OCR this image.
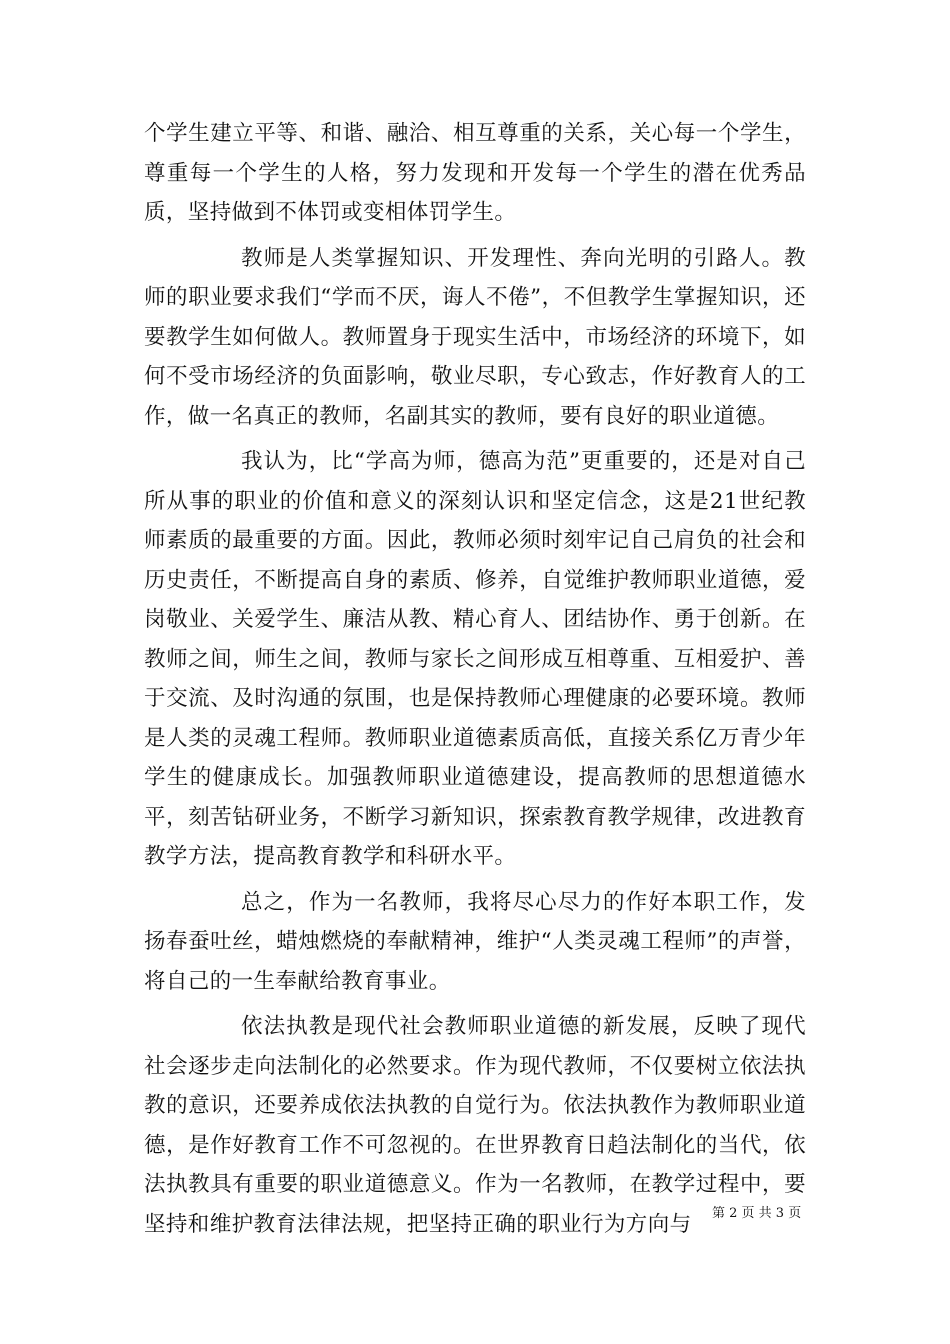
个学生建立平等、和谐、融洽、相互尊重的关系，关心每一个学生，尊重每一个学生的人格，努力发现和开发每一个学生的潜在优秀品质，坚持做到不体罚或变相体罚学生。

教师是人类掌握知识、开发理性、奔向光明的引路人。教师的职业要求我们“学而不厌，诲人不倦”，不但教学生掌握知识，还要教学生如何做人。教师置身于现实生活中，市场经济的环境下，如何不受市场经济的负面影响，敬业尽职，专心致志，作好教育人的工作，做一名真正的教师，名副其实的教师，要有良好的职业道德。

我认为，比“学高为师，德高为范”更重要的，还是对自己所从事的职业的价值和意义的深刻认识和坚定信念，这是21世纪教师素质的最重要的方面。因此，教师必须时刻牢记自己肩负的社会和历史责任，不断提高自身的素质、修养，自觉维护教师职业道德，爱岗敬业、关爱学生、廉洁从教、精心育人、团结协作、勇于创新。在教师之间，师生之间，教师与家长之间形成互相尊重、互相爱护、善于交流、及时沟通的氛围，也是保持教师心理健康的必要环境。教师是人类的灵魂工程师。教师职业道德素质高低，直接关系亿万青少年学生的健康成长。加强教师职业道德建设，提高教师的思想道德水平，刻苦钻研业务，不断学习新知识，探索教育教学规律，改进教育教学方法，提高教育教学和科研水平。

总之，作为一名教师，我将尽心尽力的作好本职工作，发扬春蚕吐丝，蜡烛燃烧的奉献精神，维护“人类灵魂工程师”的声誉，将自己的一生奉献给教育事业。

依法执教是现代社会教师职业道德的新发展，反映了现代社会逐步走向法制化的必然要求。作为现代教师，不仅要树立依法执教的意识，还要养成依法执教的自觉行为。依法执教作为教师职业道德，是作好教育工作不可忽视的。在世界教育日趋法制化的当代，依法执教具有重要的职业道德意义。作为一名教师，在教学过程中，要坚持和维护教育法律法规，把坚持正确的职业行为方向与	第 2 页 共 3 页
